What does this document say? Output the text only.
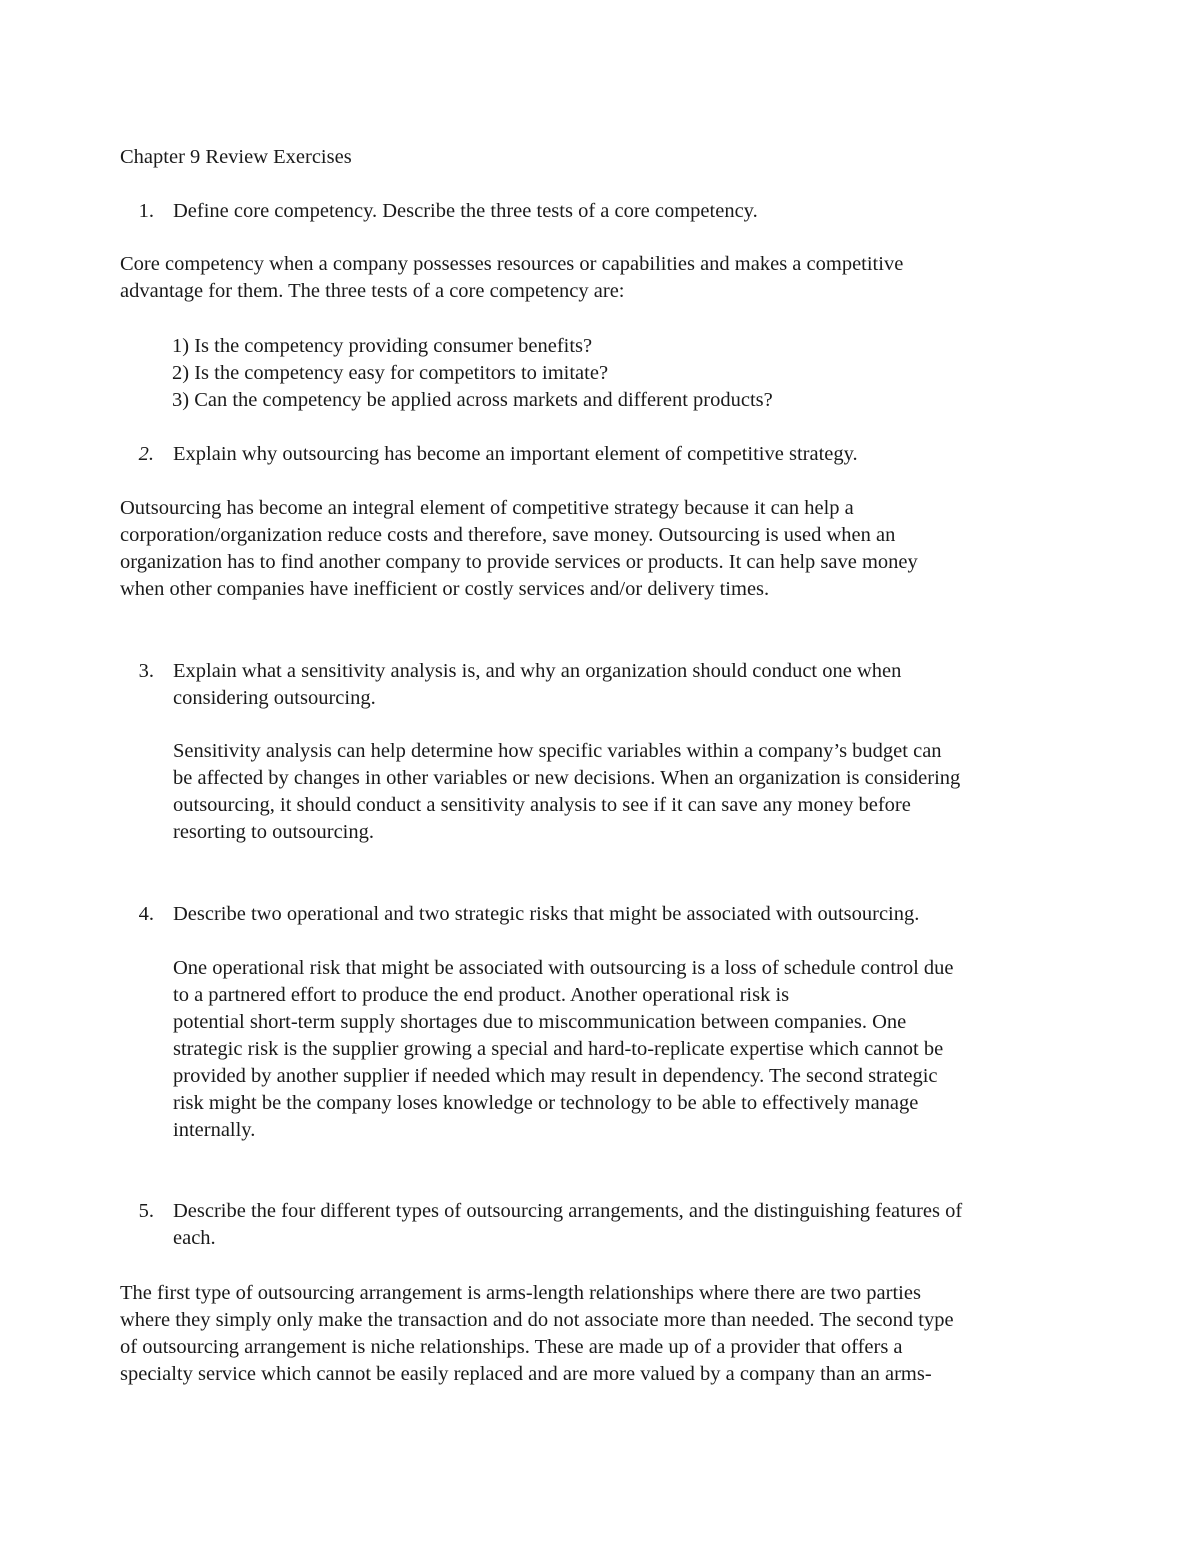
Chapter 9 Review Exercises
1. Define core competency. Describe the three tests of a core competency.
Core competency when a company possesses resources or capabilities and makes a competitive
advantage for them. The three tests of a core competency are:
1) Is the competency providing consumer benefits?
2) Is the competency easy for competitors to imitate?
3) Can the competency be applied across markets and different products?
2. Explain why outsourcing has become an important element of competitive strategy.
Outsourcing has become an integral element of competitive strategy because it can help a
corporation/organization reduce costs and therefore, save money. Outsourcing is used when an
organization has to find another company to provide services or products. It can help save money
when other companies have inefficient or costly services and/or delivery times.
3. Explain what a sensitivity analysis is, and why an organization should conduct one when
considering outsourcing.
Sensitivity analysis can help determine how specific variables within a company’s budget can
be affected by changes in other variables or new decisions. When an organization is considering
outsourcing, it should conduct a sensitivity analysis to see if it can save any money before
resorting to outsourcing.
4. Describe two operational and two strategic risks that might be associated with outsourcing.
One operational risk that might be associated with outsourcing is a loss of schedule control due
to a partnered effort to produce the end product. Another operational risk is
potential short-term supply shortages due to miscommunication between companies. One
strategic risk is the supplier growing a special and hard-to-replicate expertise which cannot be
provided by another supplier if needed which may result in dependency. The second strategic
risk might be the company loses knowledge or technology to be able to effectively manage
internally.
5. Describe the four different types of outsourcing arrangements, and the distinguishing features of
each.
The first type of outsourcing arrangement is arms-length relationships where there are two parties
where they simply only make the transaction and do not associate more than needed. The second type
of outsourcing arrangement is niche relationships. These are made up of a provider that offers a
specialty service which cannot be easily replaced and are more valued by a company than an arms-
